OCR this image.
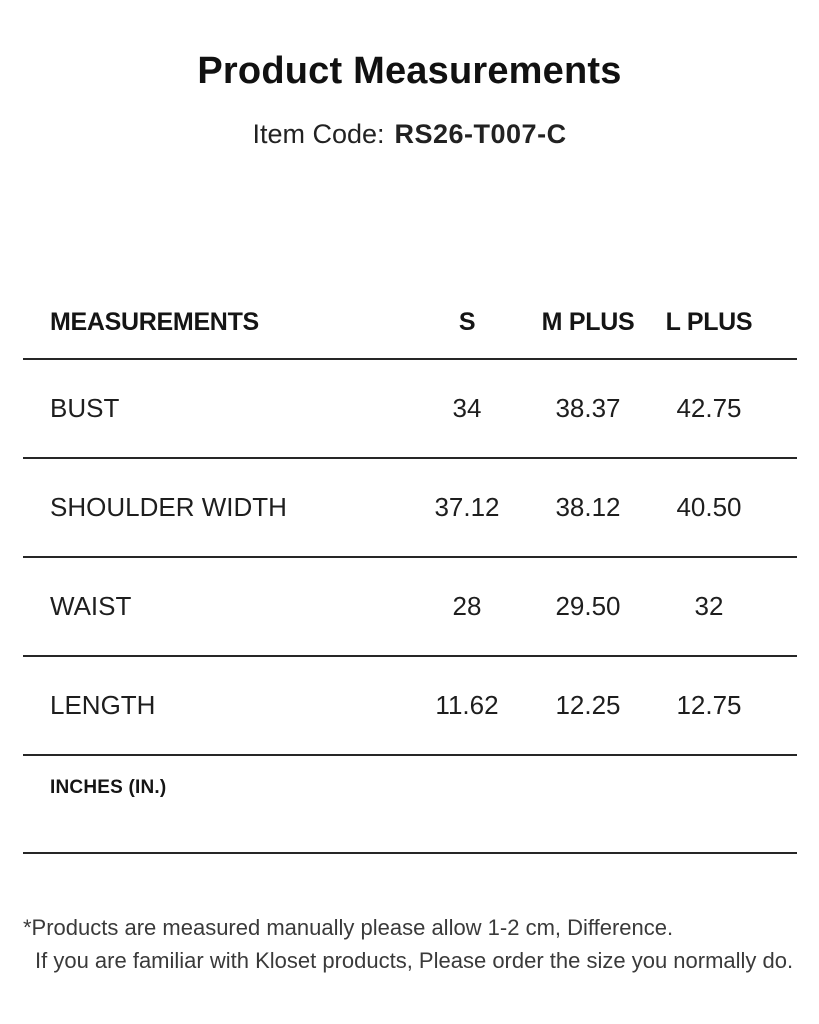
Product Measurements
Item Code: RS26-T007-C
MEASUREMENTS	S	M PLUS	L PLUS
BUST	34	38.37	42.75
SHOULDER WIDTH	37.12	38.12	40.50
WAIST	28	29.50	32
LENGTH	11.62	12.25	12.75
INCHES (IN.)
*Products are measured manually please allow 1-2 cm, Difference.
If you are familiar with Kloset products, Please order the size you normally do.
